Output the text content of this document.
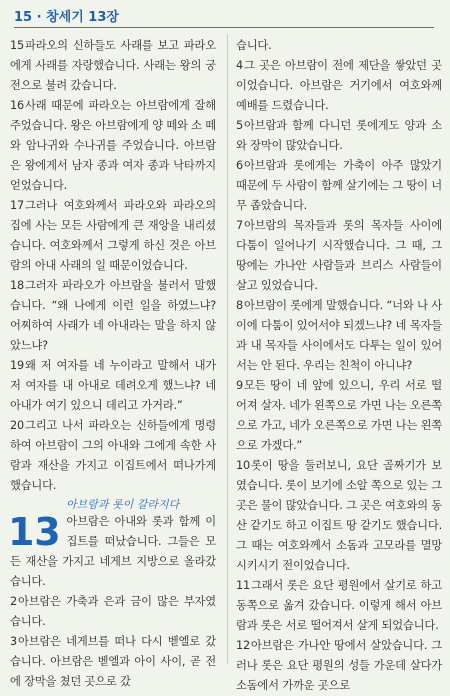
15 · 창세기 13장
15파라오의 신하들도 사래를 보고 파라오에게 사래를 자랑했습니다. 사래는 왕의 궁전으로 불려 갔습니다.
16사래 때문에 파라오는 아브람에게 잘해 주었습니다. 왕은 아브람에게 양 떼와 소 떼와 암나귀와 수나귀를 주었습니다. 아브람은 왕에게서 남자 종과 여자 종과 낙타까지 얻었습니다.
17그러나 여호와께서 파라오와 파라오의 집에 사는 모든 사람에게 큰 재앙을 내리셨습니다. 여호와께서 그렇게 하신 것은 아브람의 아내 사래의 일 때문이었습니다.
18그러자 파라오가 아브람을 불러서 말했습니다. “왜 나에게 이런 일을 하였느냐? 어찌하여 사래가 네 아내라는 말을 하지 않았느냐?
19왜 저 여자를 네 누이라고 말해서 내가 저 여자를 내 아내로 데려오게 했느냐? 네 아내가 여기 있으니 데리고 가거라.”
20그리고 나서 파라오는 신하들에게 명령하여 아브람이 그의 아내와 그에게 속한 사람과 재산을 가지고 이집트에서 떠나가게 했습니다.
아브람과 롯이 갈라지다
13 아브람은 아내와 롯과 함께 이집트를 떠났습니다. 그들은 모든 재산을 가지고 네게브 지방으로 올라갔습니다.
2아브람은 가축과 은과 금이 많은 부자였습니다.
3아브람은 네게브를 떠나 다시 벧엘로 갔습니다. 아브람은 벧엘과 아이 사이, 곧 전에 장막을 쳤던 곳으로 갔
습니다.
4그 곳은 아브람이 전에 제단을 쌓았던 곳이었습니다. 아브람은 거기에서 여호와께 예배를 드렸습니다.
5아브람과 함께 다니던 롯에게도 양과 소와 장막이 많았습니다.
6아브람과 롯에게는 가축이 아주 많았기 때문에 두 사람이 함께 살기에는 그 땅이 너무 좁았습니다.
7아브람의 목자들과 롯의 목자들 사이에 다툼이 일어나기 시작했습니다. 그 때, 그 땅에는 가나안 사람들과 브리스 사람들이 살고 있었습니다.
8아브람이 롯에게 말했습니다. “너와 나 사이에 다툼이 있어서야 되겠느냐? 네 목자들과 내 목자들 사이에서도 다투는 일이 있어서는 안 된다. 우리는 친척이 아니냐?
9모든 땅이 네 앞에 있으니, 우리 서로 떨어져 살자. 네가 왼쪽으로 가면 나는 오른쪽으로 가고, 네가 오른쪽으로 가면 나는 왼쪽으로 가겠다.”
10롯이 땅을 둘러보니, 요단 골짜기가 보였습니다. 롯이 보기에 소알 쪽으로 있는 그 곳은 물이 많았습니다. 그 곳은 여호와의 동산 같기도 하고 이집트 땅 같기도 했습니다. 그 때는 여호와께서 소돔과 고모라를 멸망시키시기 전이었습니다.
11그래서 롯은 요단 평원에서 살기로 하고 동쪽으로 옮겨 갔습니다. 이렇게 해서 아브람과 롯은 서로 떨어져서 살게 되었습니다.
12아브람은 가나안 땅에서 살았습니다. 그러나 롯은 요단 평원의 성들 가운데 살다가 소돔에서 가까운 곳으로
